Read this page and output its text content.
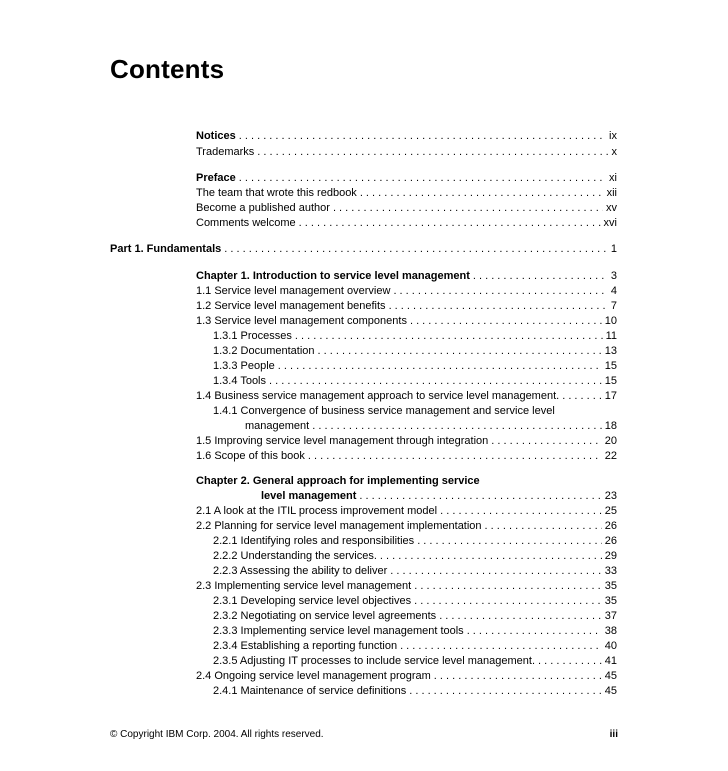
Contents
Notices . . .	ix
Trademarks . . .	x
Preface . . .	xi
The team that wrote this redbook . . .	xii
Become a published author . . .	xv
Comments welcome . . .	xvi
Part 1. Fundamentals . . .	1
Chapter 1. Introduction to service level management . . .	3
1.1 Service level management overview . . .	4
1.2 Service level management benefits . . .	7
1.3 Service level management components . . .	10
1.3.1 Processes . . .	11
1.3.2 Documentation . . .	13
1.3.3 People . . .	15
1.3.4 Tools . . .	15
1.4 Business service management approach to service level management. . . .	17
1.4.1 Convergence of business service management and service level
management . . .	18
1.5 Improving service level management through integration . . .	20
1.6 Scope of this book . . .	22
Chapter 2. General approach for implementing service
level management . . .	23
2.1 A look at the ITIL process improvement model . . .	25
2.2 Planning for service level management implementation . . .	26
2.2.1 Identifying roles and responsibilities . . .	26
2.2.2 Understanding the services. . . .	29
2.2.3 Assessing the ability to deliver . . .	33
2.3 Implementing service level management . . .	35
2.3.1 Developing service level objectives . . .	35
2.3.2 Negotiating on service level agreements . . .	37
2.3.3 Implementing service level management tools . . .	38
2.3.4 Establishing a reporting function . . .	40
2.3.5 Adjusting IT processes to include service level management. . . .	41
2.4 Ongoing service level management program . . .	45
2.4.1 Maintenance of service definitions . . .	45
© Copyright IBM Corp. 2004. All rights reserved.	iii
